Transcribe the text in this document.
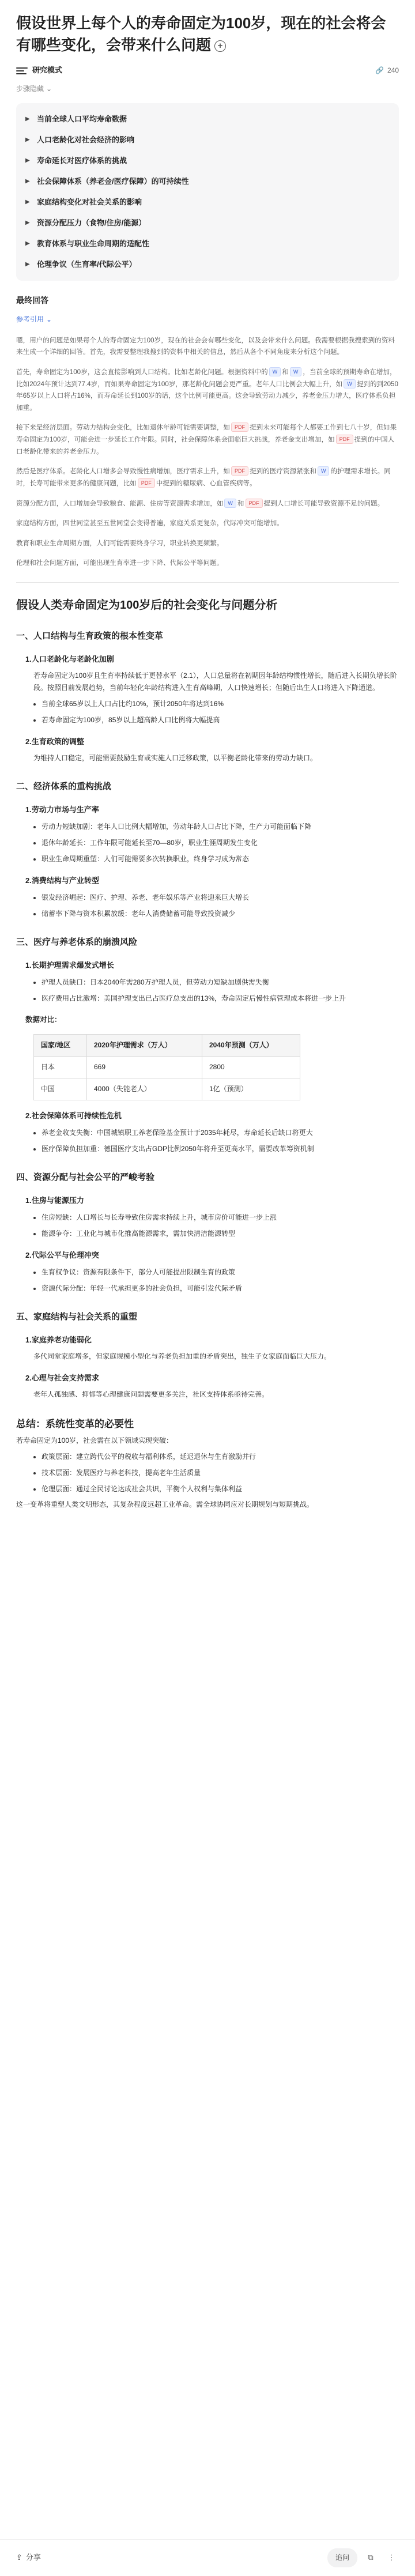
假设世界上每个人的寿命固定为100岁，现在的社会将会有哪些变化，会带来什么问题 +
研究模式	🔗 240
步骤隐藏 ⌄
▶ 当前全球人口平均寿命数据
▶ 人口老龄化对社会经济的影响
▶ 寿命延长对医疗体系的挑战
▶ 社会保障体系（养老金/医疗保障）的可持续性
▶ 家庭结构变化对社会关系的影响
▶ 资源分配压力（食物/住房/能源）
▶ 教育体系与职业生命周期的适配性
▶ 伦理争议（生育率/代际公平）
最终回答
参考引用 ⌄

嗯，用户的问题是如果每个人的寿命固定为100岁，现在的社会会有哪些变化，以及会带来什么问题。我需要根据我搜索到的资料来生成一个详细的回答。首先，我需要整理我搜到的资料中相关的信息，然后从各个不同角度来分析这个问题。

首先，寿命固定为100岁，这会直接影响到人口结构。比如老龄化问题。根据资料中的 W 和 W ，当前全球的预期寿命在增加，比如2024年预计达到77.4岁，而如果寿命固定为100岁，那老龄化问题会更严重。老年人口比例会大幅上升，如 W 提到的到2050年65岁以上人口将占16%，而寿命延长到100岁的话，这个比例可能更高。这会导致劳动力减少，养老金压力增大，医疗体系负担加重。

接下来是经济层面。劳动力结构会变化，比如退休年龄可能需要调整，如 PDF 提到未来可能每个人都要工作到七八十岁，但如果寿命固定为100岁，可能会进一步延长工作年限。同时，社会保障体系会面临巨大挑战，养老金支出增加，如 PDF 提到的中国人口老龄化带来的养老金压力。

然后是医疗体系。老龄化人口增多会导致慢性病增加，医疗需求上升，如 PDF 提到的医疗资源紧张和 W 的护理需求增长。同时，长寿可能带来更多的健康问题，比如 PDF 中提到的糖尿病、心血管疾病等。

资源分配方面，人口增加会导致粮食、能源、住房等资源需求增加，如 W 和 PDF 提到人口增长可能导致资源不足的问题。

家庭结构方面，四世同堂甚至五世同堂会变得普遍，家庭关系更复杂，代际冲突可能增加。

教育和职业生命周期方面，人们可能需要终身学习，职业转换更频繁。

伦理和社会问题方面，可能出现生育率进一步下降、代际公平等问题。

假设人类寿命固定为100岁后的社会变化与问题分析
一、人口结构与生育政策的根本性变革
1.人口老龄化与老龄化加剧

若寿命固定为100岁且生育率持续低于更替水平（2.1），人口总量将在初期因年龄结构惯性增长，随后进入长期负增长阶段。按照目前发展趋势，当前年轻化年龄结构进入生育高峰期，人口快速增长；但随后出生人口将进入下降通道。

当前全球65岁以上人口占比约10%，预计2050年将达到16%
若寿命固定为100岁，85岁以上超高龄人口比例将大幅提高
2.生育政策的调整

为维持人口稳定，可能需要鼓励生育或实施人口迁移政策，以平衡老龄化带来的劳动力缺口。

二、经济体系的重构挑战
1.劳动力市场与生产率
劳动力短缺加剧：老年人口比例大幅增加，劳动年龄人口占比下降，生产力可能面临下降
退休年龄延长：工作年限可能延长至70—80岁，职业生涯周期发生变化
职业生命周期重塑：人们可能需要多次转换职业，终身学习成为常态
2.消费结构与产业转型
银发经济崛起：医疗、护理、养老、老年娱乐等产业将迎来巨大增长
储蓄率下降与资本积累放缓：老年人消费储蓄可能导致投资减少
三、医疗与养老体系的崩溃风险
1.长期护理需求爆发式增长
护理人员缺口：日本2040年需280万护理人员，但劳动力短缺加剧供需失衡
医疗费用占比激增：美国护理支出已占医疗总支出的13%，寿命固定后慢性病管理成本将进一步上升
数据对比：
国家/地区	2020年护理需求（万人）	2040年预测（万人）
日本	669	2800
中国	4000（失能老人）	1亿（预测）
2.社会保障体系可持续性危机
养老金收支失衡：中国城镇职工养老保险基金预计于2035年耗尽，寿命延长后缺口将更大
医疗保障负担加重：德国医疗支出占GDP比例2050年将升至更高水平，需要改革筹资机制
四、资源分配与社会公平的严峻考验
1.住房与能源压力
住房短缺：人口增长与长寿导致住房需求持续上升，城市房价可能进一步上涨
能源争夺：工业化与城市化推高能源需求，需加快清洁能源转型
2.代际公平与伦理冲突
生育权争议：资源有限条件下，部分人可能提出限制生育的政策
资源代际分配：年轻一代承担更多的社会负担，可能引发代际矛盾
五、家庭结构与社会关系的重塑
1.家庭养老功能弱化

多代同堂家庭增多，但家庭规模小型化与养老负担加重的矛盾突出，独生子女家庭面临巨大压力。

2.心理与社会支持需求

老年人孤独感、抑郁等心理健康问题需要更多关注，社区支持体系亟待完善。

总结：系统性变革的必要性

若寿命固定为100岁，社会需在以下领域实现突破：

政策层面：建立跨代公平的税收与福利体系，延迟退休与生育激励并行
技术层面：发展医疗与养老科技，提高老年生活质量
伦理层面：通过全民讨论达成社会共识，平衡个人权利与集体利益

这一变革将重塑人类文明形态，其复杂程度远超工业革命。需全球协同应对长期规划与短期挑战。

⇪ 分享	追问	⧉	⋮
